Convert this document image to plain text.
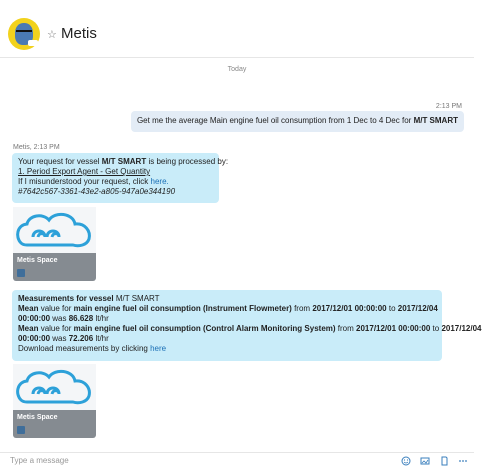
☆ Metis
Today
2:13 PM
Get me the average Main engine fuel oil consumption from 1 Dec to 4 Dec for M/T SMART
Metis, 2:13 PM
Your request for vessel M/T SMART is being processed by:
1. Period Export Agent - Get Quantity
If I misunderstood your request, click here.
#7642c567-3361-43e2-a805-947a0e344190
Metis Space
Measurements for vessel M/T SMART
Mean value for main engine fuel oil consumption (Instrument Flowmeter) from 2017/12/01 00:00:00 to 2017/12/04
00:00:00 was 86.628 lt/hr
Mean value for main engine fuel oil consumption (Control Alarm Monitoring System) from 2017/12/01 00:00:00 to 2017/12/04
00:00:00 was 72.206 lt/hr
Download measurements by clicking here
Metis Space
Type a message
